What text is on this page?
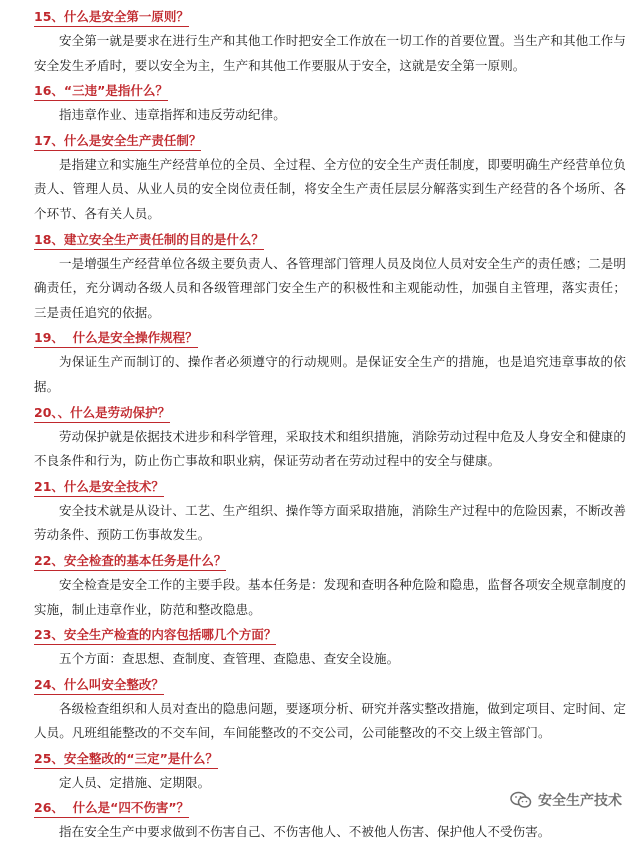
15、什么是安全第一原则？

安全第一就是要求在进行生产和其他工作时把安全工作放在一切工作的首要位置。当生产和其他工作与安全发生矛盾时，要以安全为主，生产和其他工作要服从于安全，这就是安全第一原则。

16、“三违”是指什么？

指违章作业、违章指挥和违反劳动纪律。

17、什么是安全生产责任制？

是指建立和实施生产经营单位的全员、全过程、全方位的安全生产责任制度，即要明确生产经营单位负责人、管理人员、从业人员的安全岗位责任制，将安全生产责任层层分解落实到生产经营的各个场所、各个环节、各有关人员。

18、建立安全生产责任制的目的是什么？

一是增强生产经营单位各级主要负责人、各管理部门管理人员及岗位人员对安全生产的责任感；二是明确责任，充分调动各级人员和各级管理部门安全生产的积极性和主观能动性，加强自主管理，落实责任；三是责任追究的依据。

19、  什么是安全操作规程？

为保证生产而制订的、操作者必须遵守的行动规则。是保证安全生产的措施，也是追究违章事故的依据。

20、、什么是劳动保护？

劳动保护就是依据技术进步和科学管理，采取技术和组织措施，消除劳动过程中危及人身安全和健康的不良条件和行为，防止伤亡事故和职业病，保证劳动者在劳动过程中的安全与健康。

21、什么是安全技术？

安全技术就是从设计、工艺、生产组织、操作等方面采取措施，消除生产过程中的危险因素，不断改善劳动条件、预防工伤事故发生。

22、安全检查的基本任务是什么？

安全检查是安全工作的主要手段。基本任务是：发现和查明各种危险和隐患，监督各项安全规章制度的实施，制止违章作业，防范和整改隐患。

23、安全生产检查的内容包括哪几个方面？

五个方面：查思想、查制度、查管理、查隐患、查安全设施。

24、什么叫安全整改？

各级检查组织和人员对查出的隐患问题，要逐项分析、研究并落实整改措施，做到定项目、定时间、定人员。凡班组能整改的不交车间，车间能整改的不交公司，公司能整改的不交上级主管部门。

25、安全整改的“三定”是什么？

定人员、定措施、定期限。

26、  什么是“四不伤害”？

指在安全生产中要求做到不伤害自己、不伤害他人、不被他人伤害、保护他人不受伤害。

安全生产技术
